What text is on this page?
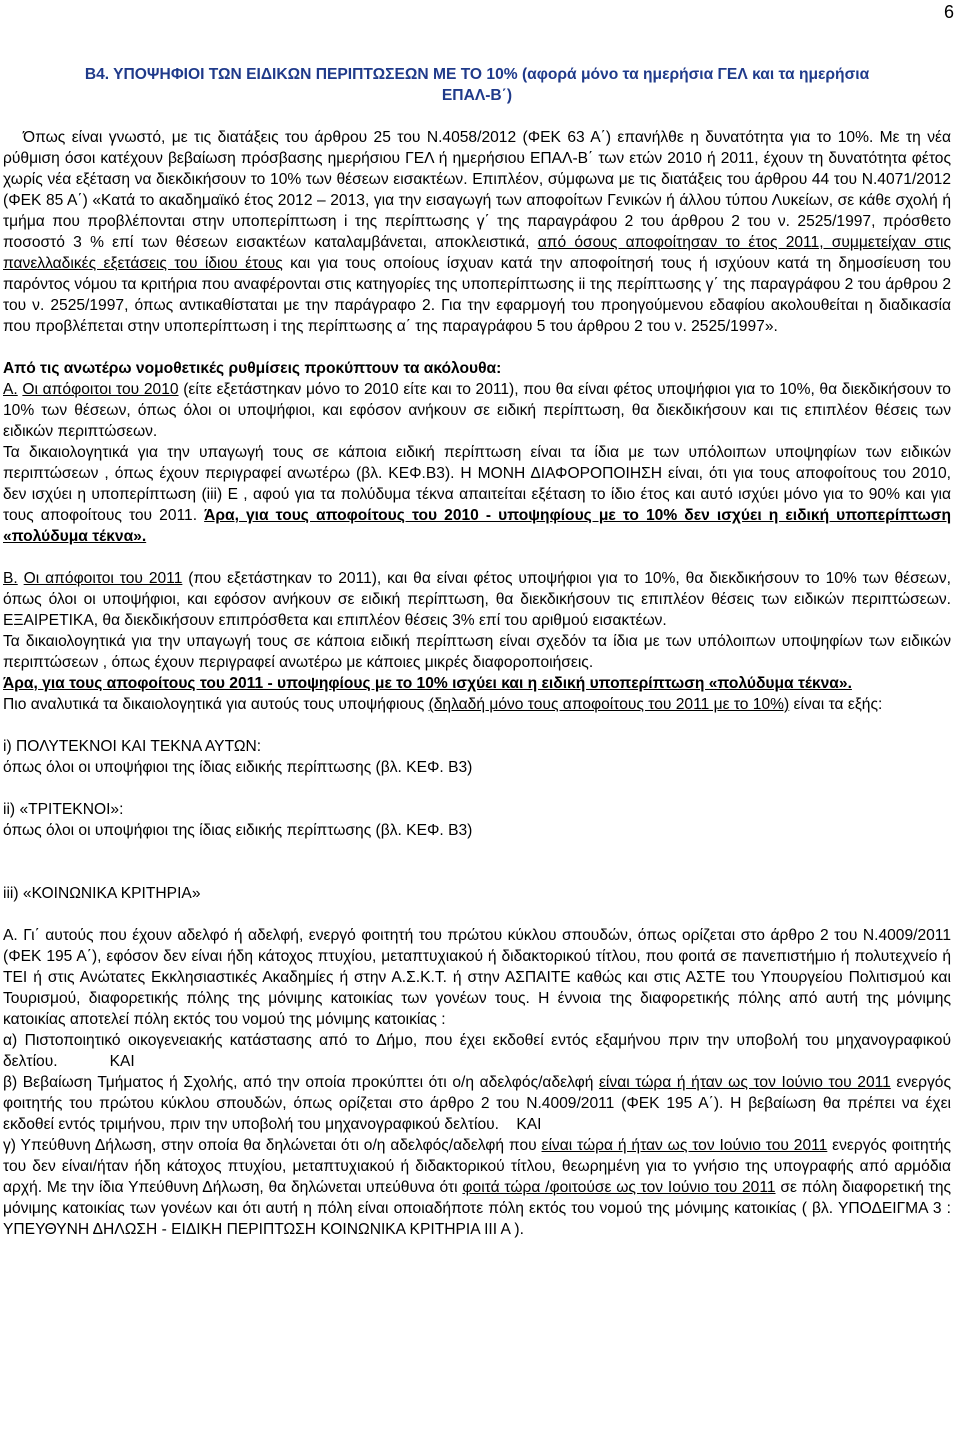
6
Β4. ΥΠΟΨΗΦΙΟΙ ΤΩΝ ΕΙΔΙΚΩΝ ΠΕΡΙΠΤΩΣΕΩΝ ΜΕ ΤΟ 10% (αφορά μόνο τα ημερήσια ΓΕΛ και τα ημερήσια
ΕΠΑΛ-Β΄)

Όπως είναι γνωστό, με τις διατάξεις του άρθρου 25 του Ν.4058/2012 (ΦΕΚ 63 Α΄) επανήλθε η δυνατότητα για το 10%. Με τη νέα ρύθμιση όσοι κατέχουν βεβαίωση πρόσβασης ημερήσιου ΓΕΛ ή ημερήσιου ΕΠΑΛ-Β΄ των ετών 2010 ή 2011, έχουν τη δυνατότητα φέτος χωρίς νέα εξέταση να διεκδικήσουν το 10% των θέσεων εισακτέων. Επιπλέον, σύμφωνα με τις διατάξεις του άρθρου 44 του Ν.4071/2012 (ΦΕΚ 85 Α΄) «Κατά το ακαδημαϊκό έτος 2012 – 2013, για την εισαγωγή των αποφοίτων Γενικών ή άλλου τύπου Λυκείων, σε κάθε σχολή ή τμήμα που προβλέπονται στην υποπερίπτωση i της περίπτωσης γ΄ της παραγράφου 2 του άρθρου 2 του ν. 2525/1997, πρόσθετο ποσοστό 3 % επί των θέσεων εισακτέων καταλαμβάνεται, αποκλειστικά, από όσους αποφοίτησαν το έτος 2011, συμμετείχαν στις πανελλαδικές εξετάσεις του ίδιου έτους και για τους οποίους ίσχυαν κατά την αποφοίτησή τους ή ισχύουν κατά τη δημοσίευση του παρόντος νόμου τα κριτήρια που αναφέρονται στις κατηγορίες της υποπερίπτωσης ii της περίπτωσης γ΄ της παραγράφου 2 του άρθρου 2 του ν. 2525/1997, όπως αντικαθίσταται με την παράγραφο 2. Για την εφαρμογή του προηγούμενου εδαφίου ακολουθείται η διαδικασία που προβλέπεται στην υποπερίπτωση i της περίπτωσης α΄ της παραγράφου 5 του άρθρου 2 του ν. 2525/1997».

Από τις ανωτέρω νομοθετικές ρυθμίσεις προκύπτουν τα ακόλουθα:

Α. Οι απόφοιτοι του 2010 (είτε εξετάστηκαν μόνο το 2010 είτε και το 2011), που θα είναι φέτος υποψήφιοι για το 10%, θα διεκδικήσουν το 10% των θέσεων, όπως όλοι οι υποψήφιοι, και εφόσον ανήκουν σε ειδική περίπτωση, θα διεκδικήσουν και τις επιπλέον θέσεις των ειδικών περιπτώσεων.

Τα δικαιολογητικά για την υπαγωγή τους σε κάποια ειδική περίπτωση είναι τα ίδια με των υπόλοιπων υποψηφίων των ειδικών περιπτώσεων , όπως έχουν περιγραφεί ανωτέρω (βλ. ΚΕΦ.Β3). Η ΜΟΝΗ ΔΙΑΦΟΡΟΠΟΙΗΣΗ είναι, ότι για τους αποφοίτους του 2010, δεν ισχύει η υποπερίπτωση (iii) Ε , αφού για τα πολύδυμα τέκνα απαιτείται εξέταση το ίδιο έτος και αυτό ισχύει μόνο για το 90% και για τους αποφοίτους του 2011. Άρα, για τους αποφοίτους του 2010 - υποψηφίους με το 10% δεν ισχύει η ειδική υποπερίπτωση «πολύδυμα τέκνα».

Β. Οι απόφοιτοι του 2011 (που εξετάστηκαν το 2011), και θα είναι φέτος υποψήφιοι για το 10%, θα διεκδικήσουν το 10% των θέσεων, όπως όλοι οι υποψήφιοι, και εφόσον ανήκουν σε ειδική περίπτωση, θα διεκδικήσουν τις επιπλέον θέσεις των ειδικών περιπτώσεων. ΕΞΑΙΡΕΤΙΚΑ, θα διεκδικήσουν επιπρόσθετα και επιπλέον θέσεις 3% επί του αριθμού εισακτέων.

Τα δικαιολογητικά για την υπαγωγή τους σε κάποια ειδική περίπτωση είναι σχεδόν τα ίδια με των υπόλοιπων υποψηφίων των ειδικών περιπτώσεων , όπως έχουν περιγραφεί ανωτέρω με κάποιες μικρές διαφοροποιήσεις.

Άρα, για τους αποφοίτους του 2011 - υποψηφίους με το 10% ισχύει και η ειδική υποπερίπτωση «πολύδυμα τέκνα».

Πιο αναλυτικά τα δικαιολογητικά για αυτούς τους υποψήφιους (δηλαδή μόνο τους αποφοίτους του 2011 με το 10%) είναι τα εξής:

i) ΠΟΛΥΤΕΚΝΟΙ ΚΑΙ ΤΕΚΝΑ ΑΥΤΩΝ:

όπως όλοι οι υποψήφιοι της ίδιας ειδικής περίπτωσης (βλ. ΚΕΦ. Β3)

ii) «ΤΡΙΤΕΚΝΟΙ»:

όπως όλοι οι υποψήφιοι της ίδιας ειδικής περίπτωσης (βλ. ΚΕΦ. Β3)

iii) «ΚΟΙΝΩΝΙΚΑ ΚΡΙΤΗΡΙΑ»

Α. Γι΄ αυτούς που έχουν αδελφό ή αδελφή, ενεργό φοιτητή του πρώτου κύκλου σπουδών, όπως ορίζεται στο άρθρο 2 του Ν.4009/2011 (ΦΕΚ 195 Α΄), εφόσον δεν είναι ήδη κάτοχος πτυχίου, μεταπτυχιακού ή διδακτορικού τίτλου, που φοιτά σε πανεπιστήμιο ή πολυτεχνείο ή ΤΕΙ ή στις Ανώτατες Εκκλησιαστικές Ακαδημίες ή στην Α.Σ.Κ.Τ. ή στην ΑΣΠΑΙΤΕ καθώς και στις ΑΣΤΕ του Υπουργείου Πολιτισμού και Τουρισμού, διαφορετικής πόλης της μόνιμης κατοικίας των γονέων τους. Η έννοια της διαφορετικής πόλης από αυτή της μόνιμης κατοικίας αποτελεί πόλη εκτός του νομού της μόνιμης κατοικίας :

α) Πιστοποιητικό οικογενειακής κατάστασης από το Δήμο, που έχει εκδοθεί εντός εξαμήνου πριν την υποβολή του μηχανογραφικού δελτίου.            ΚΑΙ

β) Βεβαίωση Τμήματος ή Σχολής, από την οποία προκύπτει ότι ο/η αδελφός/αδελφή είναι τώρα ή ήταν ως τον Ιούνιο του 2011 ενεργός φοιτητής του πρώτου κύκλου σπουδών, όπως ορίζεται στο άρθρο 2 του Ν.4009/2011 (ΦΕΚ 195 Α΄). Η βεβαίωση θα πρέπει να έχει εκδοθεί εντός τριμήνου, πριν την υποβολή του μηχανογραφικού δελτίου.    ΚΑΙ

γ) Υπεύθυνη Δήλωση, στην οποία θα δηλώνεται ότι ο/η αδελφός/αδελφή που είναι τώρα ή ήταν ως τον Ιούνιο του 2011 ενεργός φοιτητής του δεν είναι/ήταν ήδη κάτοχος πτυχίου, μεταπτυχιακού ή διδακτορικού τίτλου, θεωρημένη για το γνήσιο της υπογραφής από αρμόδια αρχή. Με την ίδια Υπεύθυνη Δήλωση, θα δηλώνεται υπεύθυνα ότι φοιτά τώρα /φοιτούσε ως τον Ιούνιο του 2011 σε πόλη διαφορετική της μόνιμης κατοικίας των γονέων και ότι αυτή η πόλη είναι οποιαδήποτε πόλη εκτός του νομού της μόνιμης κατοικίας ( βλ. ΥΠΟΔΕΙΓΜΑ 3 : ΥΠΕΥΘΥΝΗ ΔΗΛΩΣΗ - ΕΙΔΙΚΗ ΠΕΡΙΠΤΩΣΗ ΚΟΙΝΩΝΙΚΑ ΚΡΙΤΗΡΙΑ ΙΙΙ Α ).
